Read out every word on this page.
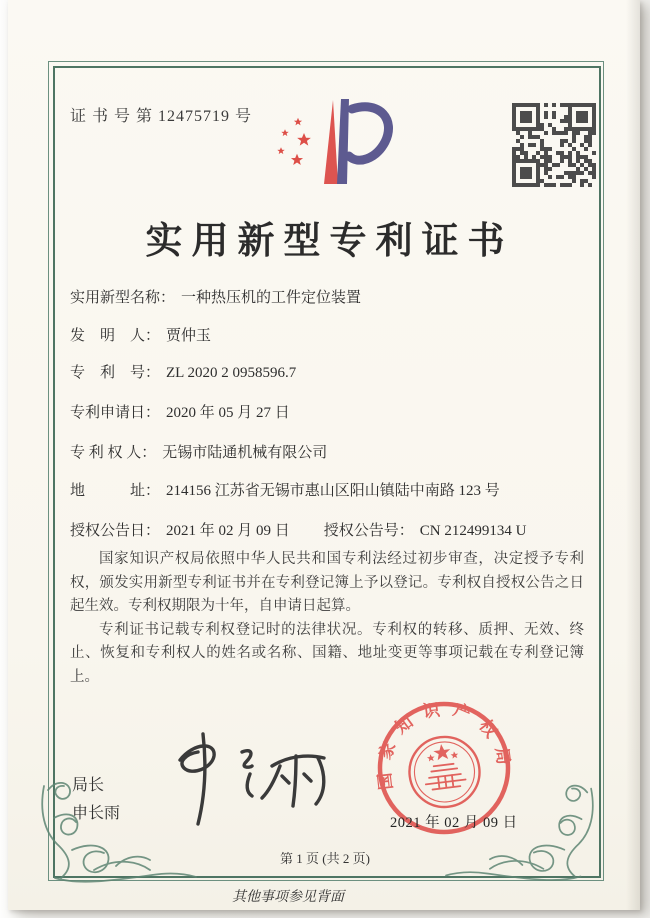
证 书 号 第 12475719 号
实用新型专利证书
实用新型名称： 一种热压机的工件定位装置
发　明　人： 贾仲玉
专　利　号： ZL 2020 2 0958596.7
专利申请日： 2020 年 05 月 27 日
专 利 权 人： 无锡市陆通机械有限公司
地　　　址： 214156 江苏省无锡市惠山区阳山镇陆中南路 123 号
授权公告日： 2021 年 02 月 09 日 授权公告号： CN 212499134 U

国家知识产权局依照中华人民共和国专利法经过初步审查，决定授予专利权，颁发实用新型专利证书并在专利登记簿上予以登记。专利权自授权公告之日起生效。专利权期限为十年，自申请日起算。

专利证书记载专利权登记时的法律状况。专利权的转移、质押、无效、终止、恢复和专利权人的姓名或名称、国籍、地址变更等事项记载在专利登记簿上。

局长
申长雨
国家知识产权局
2021 年 02 月 09 日
第 1 页 (共 2 页)
其他事项参见背面
